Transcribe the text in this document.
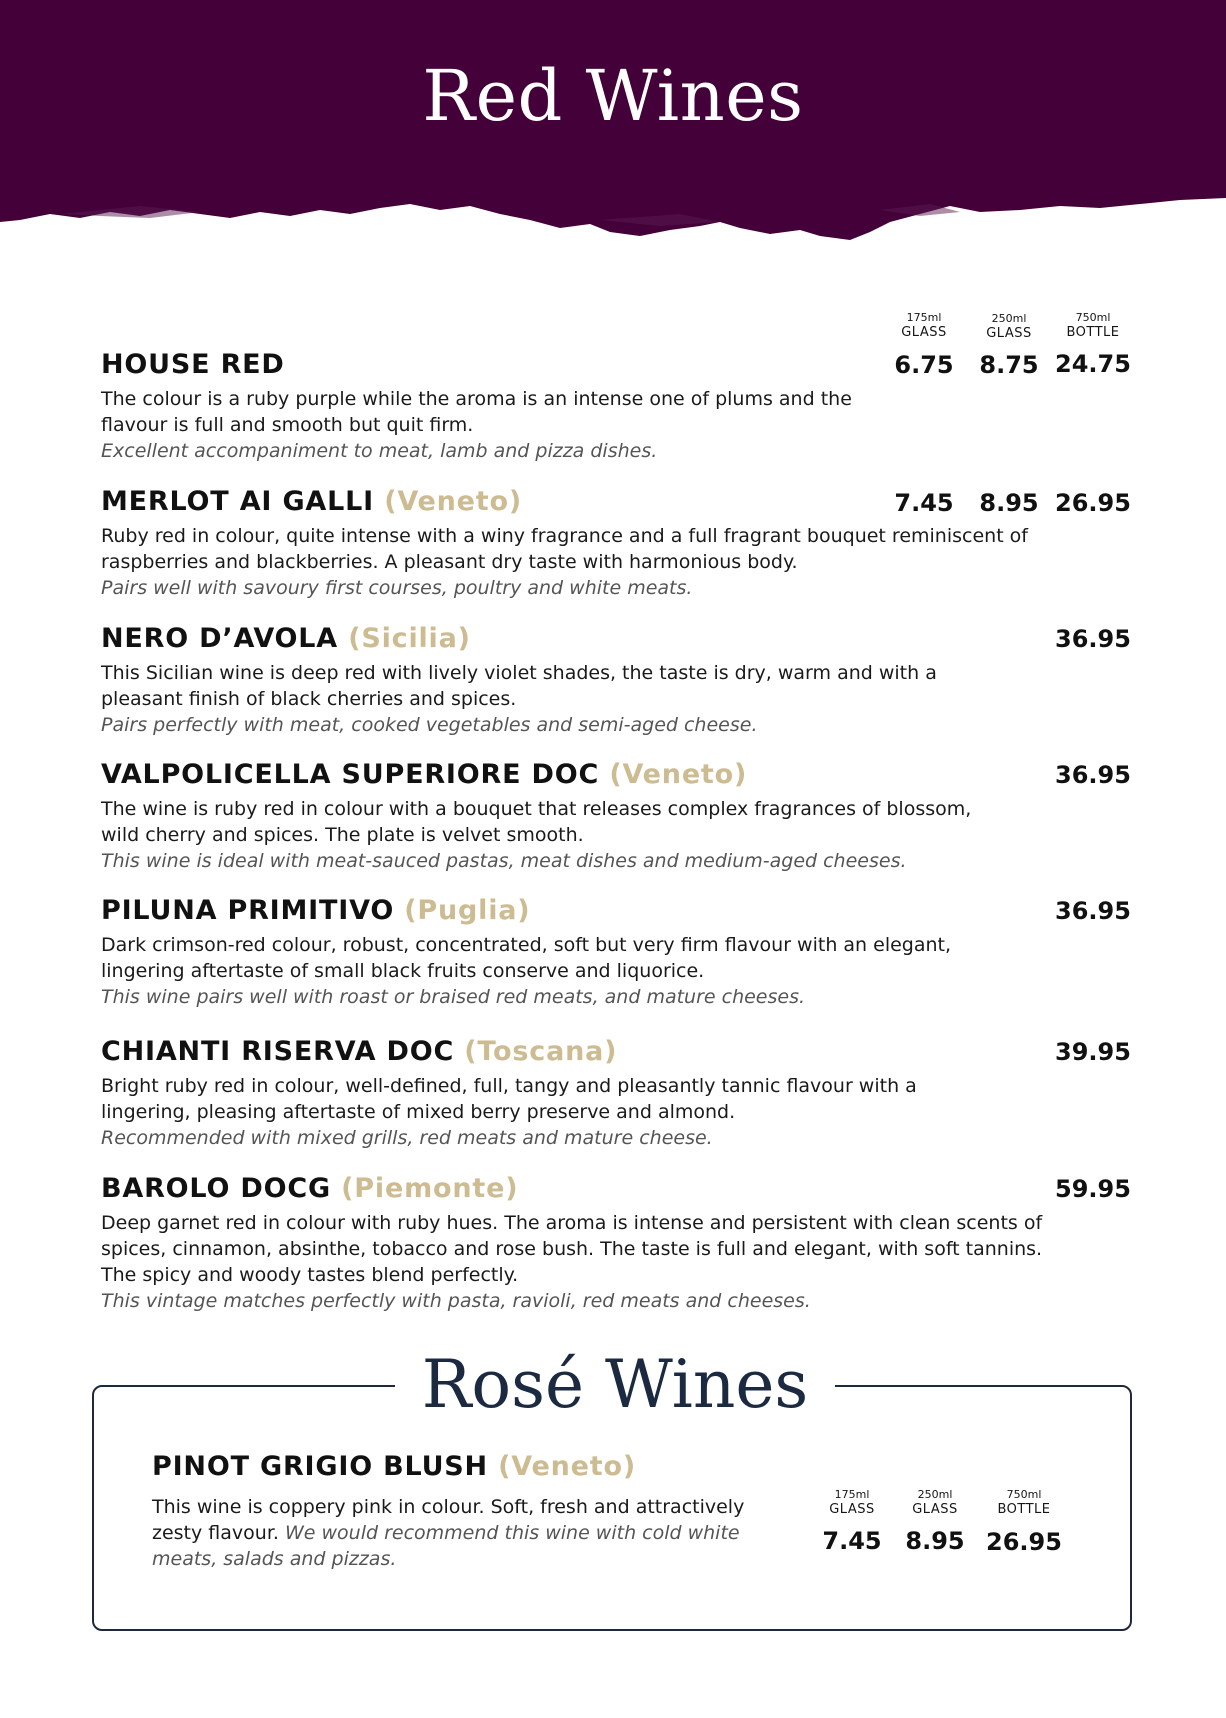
Red Wines
175ml
GLASS
250ml
GLASS
750ml
BOTTLE
HOUSE RED
The colour is a ruby purple while the aroma is an intense one of plums and the flavour is full and smooth but quit firm.
Excellent accompaniment to meat, lamb and pizza dishes.
6.75	8.75 24.75
MERLOT AI GALLI (Veneto)
Ruby red in colour, quite intense with a winy fragrance and a full fragrant bouquet reminiscent of raspberries and blackberries. A pleasant dry taste with harmonious body.
Pairs well with savoury first courses, poultry and white meats.
7.45	8.95 26.95
NERO D’AVOLA (Sicilia)
This Sicilian wine is deep red with lively violet shades, the taste is dry, warm and with a pleasant finish of black cherries and spices.
Pairs perfectly with meat, cooked vegetables and semi-aged cheese.
36.95
VALPOLICELLA SUPERIORE DOC (Veneto)
The wine is ruby red in colour with a bouquet that releases complex fragrances of blossom, wild cherry and spices. The plate is velvet smooth.
This wine is ideal with meat-sauced pastas, meat dishes and medium-aged cheeses.
36.95
PILUNA PRIMITIVO (Puglia)
Dark crimson-red colour, robust, concentrated, soft but very firm flavour with an elegant, lingering aftertaste of small black fruits conserve and liquorice.
This wine pairs well with roast or braised red meats, and mature cheeses.
36.95
CHIANTI RISERVA DOC (Toscana)
Bright ruby red in colour, well-defined, full, tangy and pleasantly tannic flavour with a lingering, pleasing aftertaste of mixed berry preserve and almond.
Recommended with mixed grills, red meats and mature cheese.
39.95
BAROLO DOCG (Piemonte)
Deep garnet red in colour with ruby hues. The aroma is intense and persistent with clean scents of spices, cinnamon, absinthe, tobacco and rose bush. The taste is full and elegant, with soft tannins. The spicy and woody tastes blend perfectly.
This vintage matches perfectly with pasta, ravioli, red meats and cheeses.
59.95
Rosé Wines
PINOT GRIGIO BLUSH (Veneto)
This wine is coppery pink in colour. Soft, fresh and attractively zesty flavour. We would recommend this wine with cold white meats, salads and pizzas.
175ml
GLASS
250ml
GLASS
750ml
BOTTLE
7.45 8.95 26.95
